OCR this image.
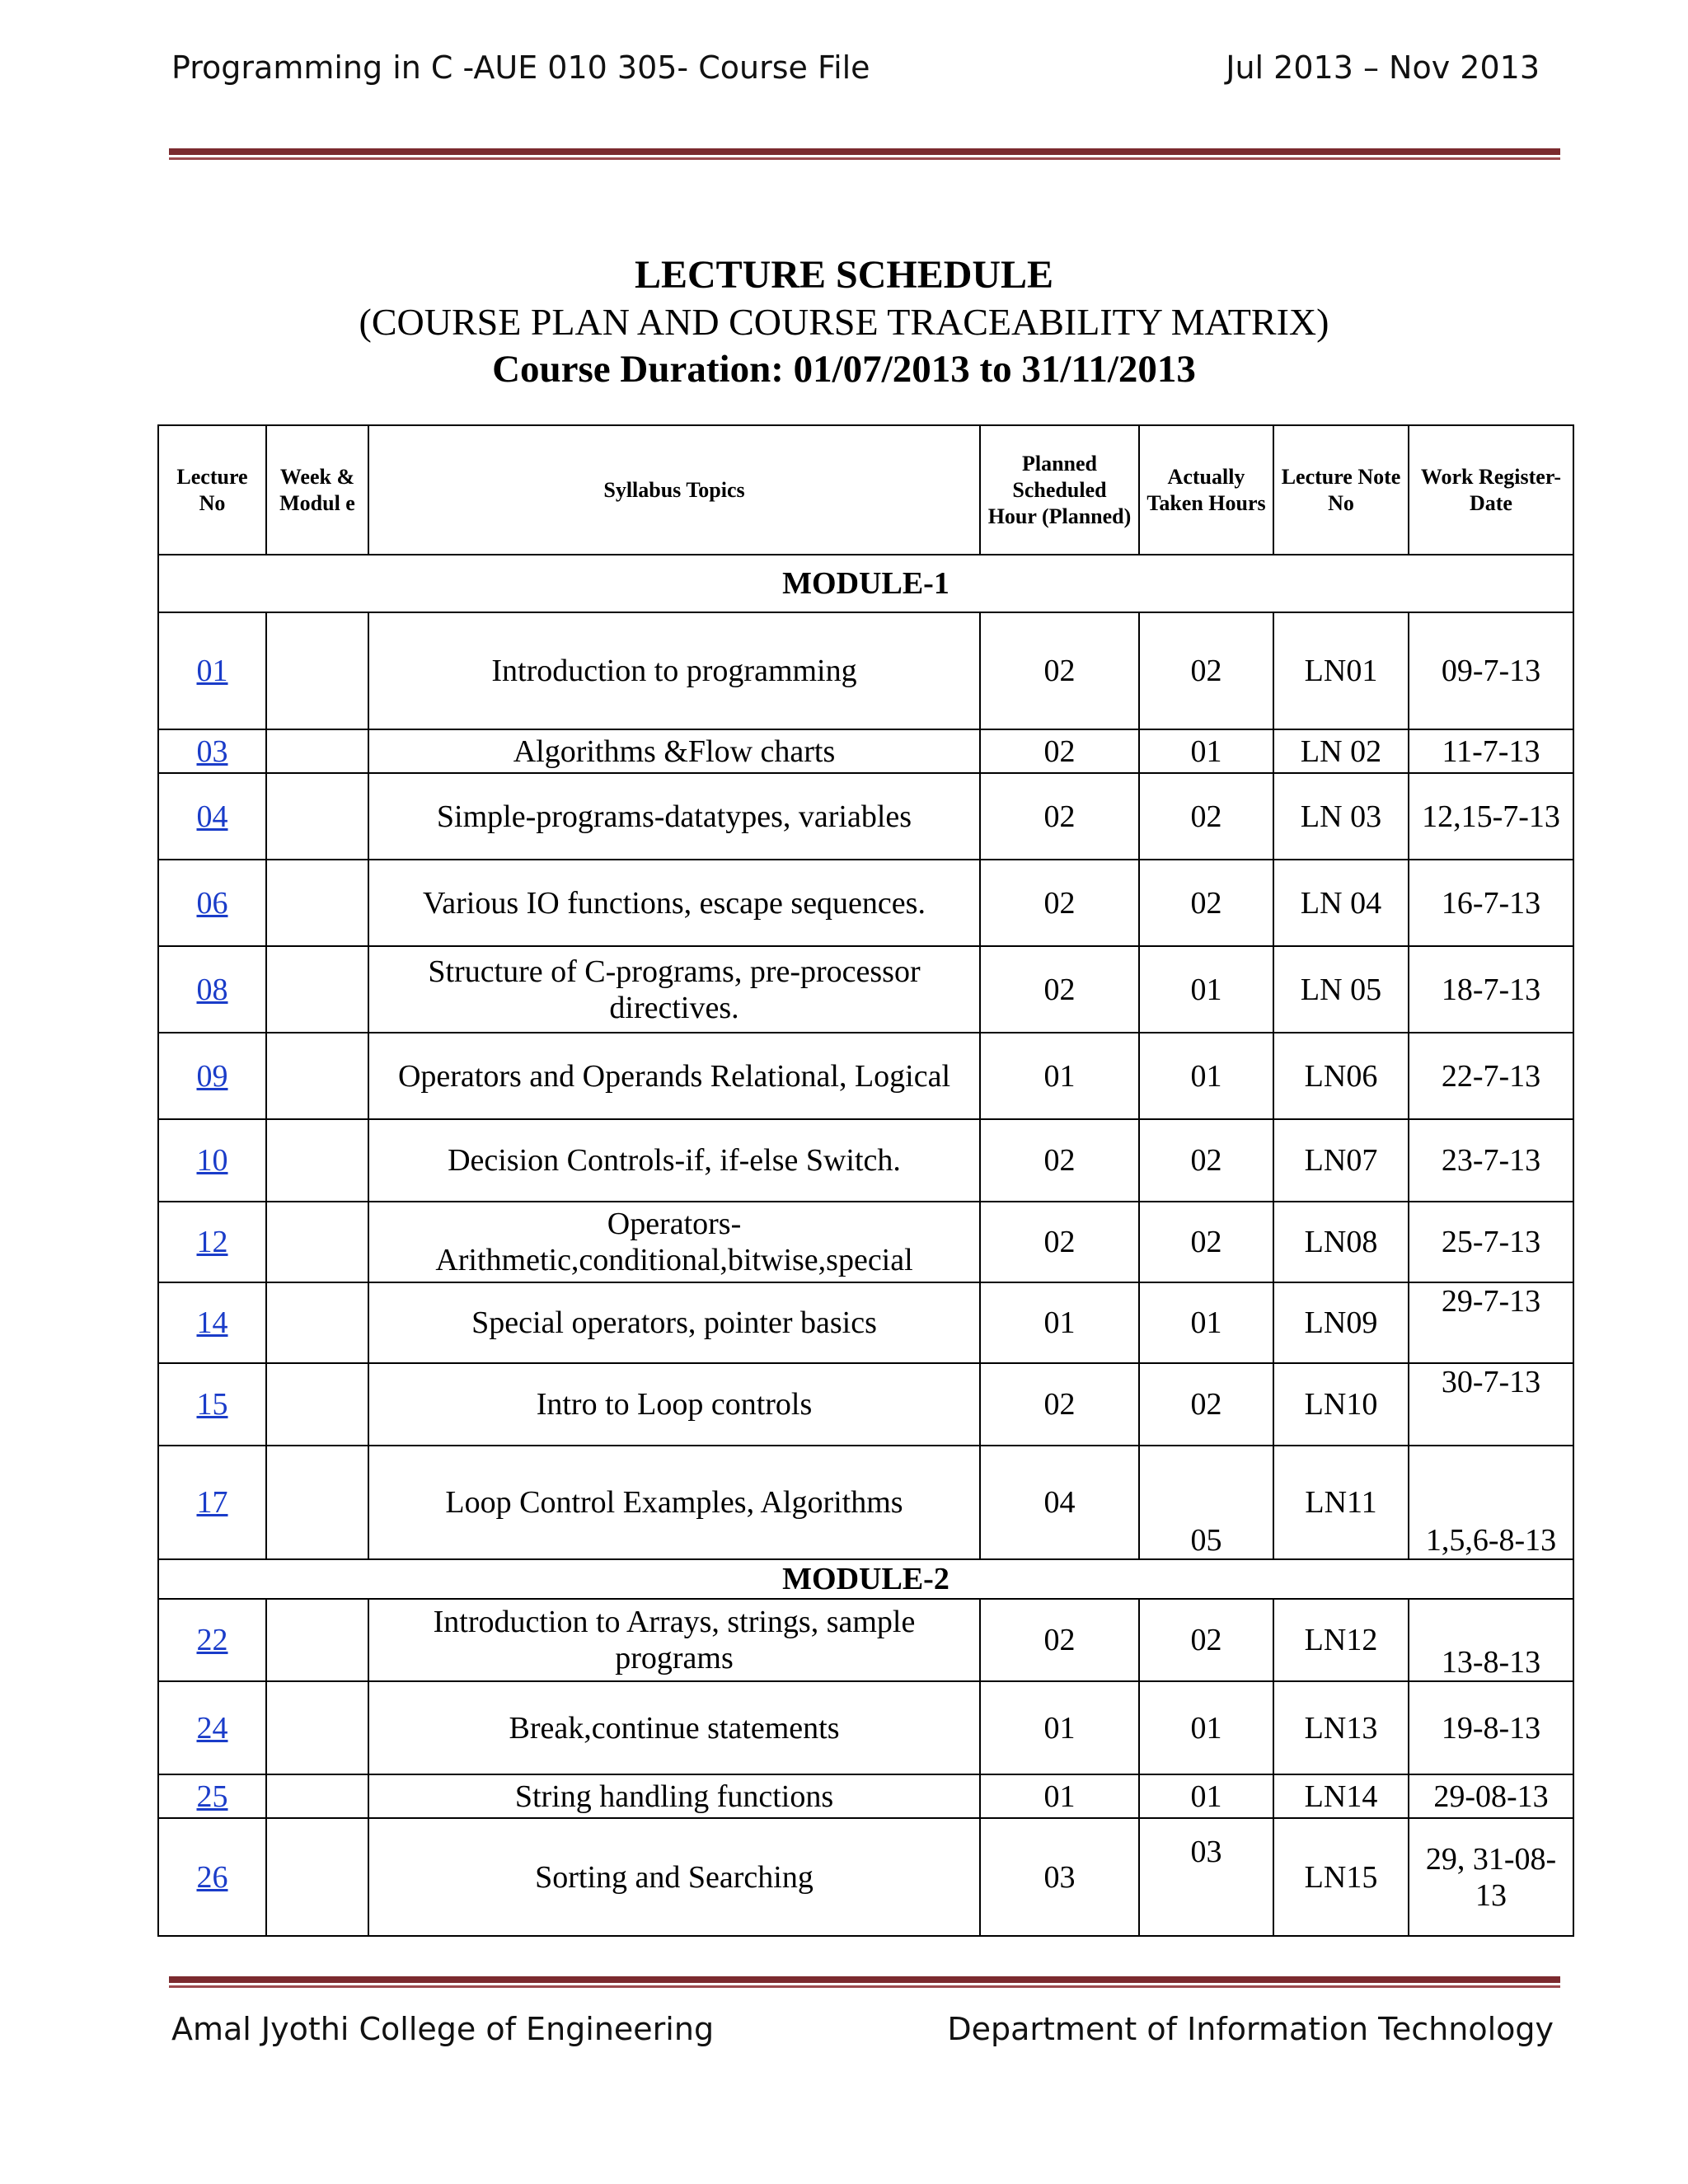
Programming in C -AUE 010 305- Course File	Jul 2013 – Nov 2013
LECTURE SCHEDULE
(COURSE PLAN AND COURSE TRACEABILITY MATRIX)
Course Duration: 01/07/2013 to 31/11/2013
Lecture No	Week & Modul e	Syllabus Topics	Planned Scheduled Hour (Planned)	Actually Taken Hours	Lecture Note No	Work Register-Date
MODULE-1						
01		Introduction to programming	02	02	LN01	09-7-13
03		Algorithms &Flow charts	02	01	LN 02	11-7-13
04		Simple-programs-datatypes, variables	02	02	LN 03	12,15-7-13
06		Various IO functions, escape sequences.	02	02	LN 04	16-7-13
08		Structure of C-programs, pre-processor directives.	02	01	LN 05	18-7-13
09		Operators and Operands Relational, Logical	01	01	LN06	22-7-13
10		Decision Controls-if, if-else Switch.	02	02	LN07	23-7-13
12		Operators- Arithmetic,conditional,bitwise,special	02	02	LN08	25-7-13
14		Special operators, pointer basics	01	01	LN09	29-7-13
15		Intro to Loop controls	02	02	LN10	30-7-13
17		Loop Control Examples, Algorithms	04	05	LN11	1,5,6-8-13
MODULE-2						
22		Introduction to Arrays, strings, sample programs	02	02	LN12	13-8-13
24		Break,continue statements	01	01	LN13	19-8-13
25		String handling functions	01	01	LN14	29-08-13
26		Sorting and Searching	03	03	LN15	29, 31-08-13
Amal Jyothi College of Engineering	Department of Information Technology
